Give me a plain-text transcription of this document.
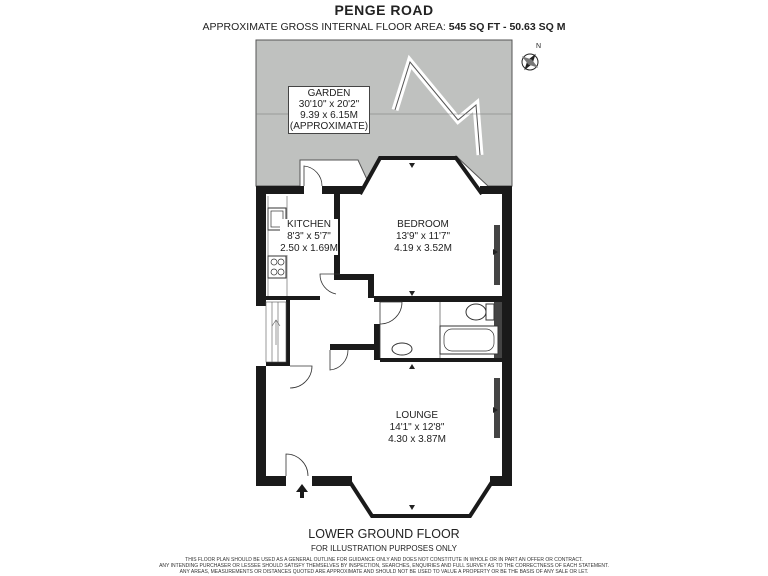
PENGE ROAD
APPROXIMATE GROSS INTERNAL FLOOR AREA: 545 SQ FT - 50.63 SQ M
N
GARDEN
30'10" x 20'2"
9.39 x 6.15M
(APPROXIMATE)
KITCHEN
8'3" x 5'7"
2.50 x 1.69M
BEDROOM
13'9" x 11'7"
4.19 x 3.52M
LOUNGE
14'1" x 12'8"
4.30 x 3.87M
LOWER GROUND FLOOR
FOR ILLUSTRATION PURPOSES ONLY
THIS FLOOR PLAN SHOULD BE USED AS A GENERAL OUTLINE FOR GUIDANCE ONLY AND DOES NOT CONSTITUTE IN WHOLE OR IN PART AN OFFER OR CONTRACT.
ANY INTENDING PURCHASER OR LESSEE SHOULD SATISFY THEMSELVES BY INSPECTION, SEARCHES, ENQUIRIES AND FULL SURVEY AS TO THE CORRECTNESS OF EACH STATEMENT.
ANY AREAS, MEASUREMENTS OR DISTANCES QUOTED ARE APPROXIMATE AND SHOULD NOT BE USED TO VALUE A PROPERTY OR BE THE BASIS OF ANY SALE OR LET.
